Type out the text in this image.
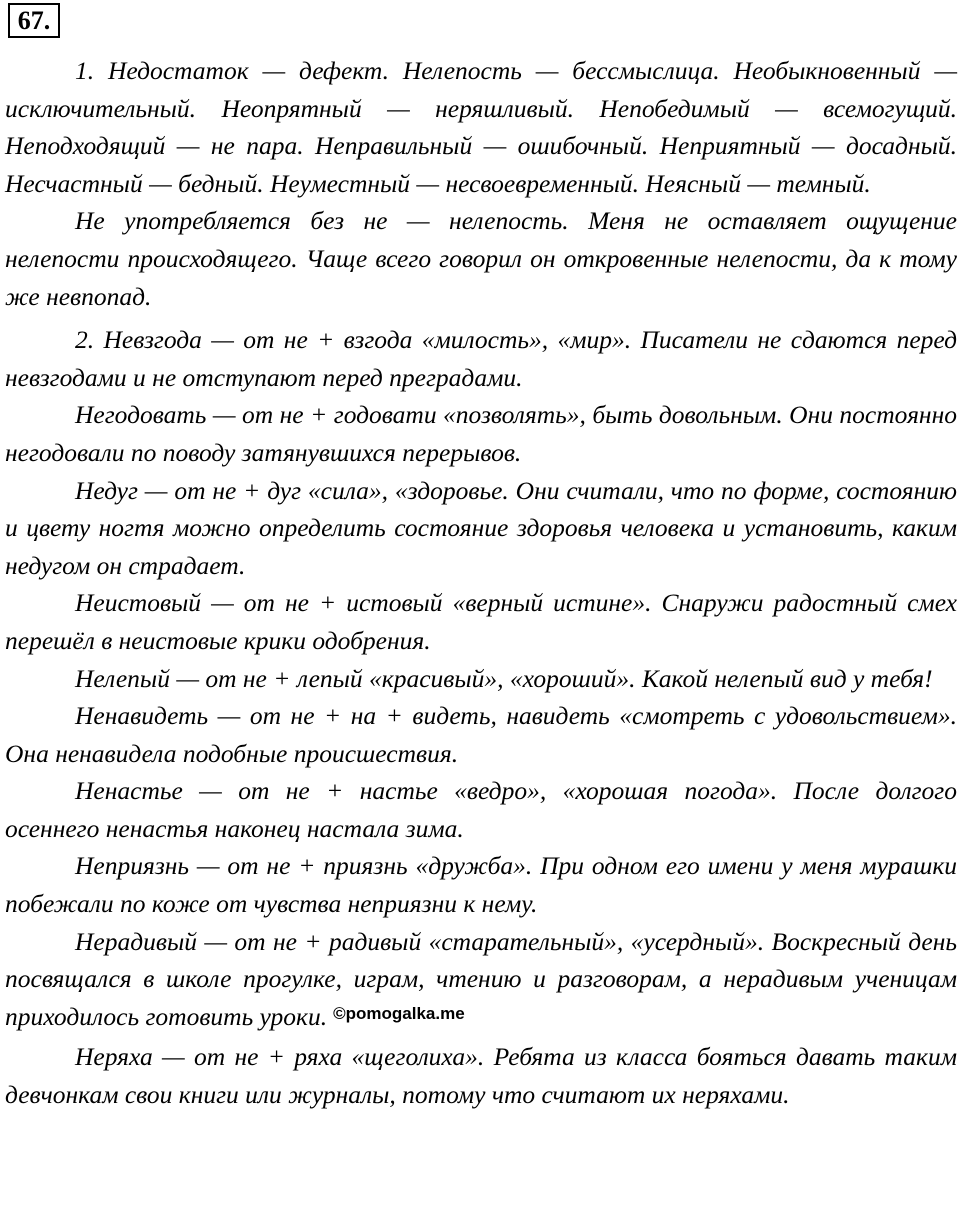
67.

1. Недостаток — дефект. Нелепость — бессмыслица. Необыкновенный — исключительный. Неопрятный — неряшливый. Непобедимый — всемогущий. Неподходящий — не пара. Неправильный — ошибочный. Неприятный — досадный. Несчастный — бедный. Неуместный — несвоевременный. Неясный — темный.

Не употребляется без не — нелепость. Меня не оставляет ощущение нелепости происходящего. Чаще всего говорил он откровенные нелепости, да к тому же невпопад.

2. Невзгода — от не + взгода «милость», «мир». Писатели не сдаются перед невзгодами и не отступают перед преградами.

Негодовать — от не + годовати «позволять», быть довольным. Они постоянно негодовали по поводу затянувшихся перерывов.

Недуг — от не + дуг «сила», «здоровье. Они считали, что по форме, состоянию и цвету ногтя можно определить состояние здоровья человека и установить, каким недугом он страдает.

Неистовый — от не + истовый «верный истине». Снаружи радостный смех перешёл в неистовые крики одобрения.

Нелепый — от не + лепый «красивый», «хороший». Какой нелепый вид у тебя!

Ненавидеть — от не + на + видеть, навидеть «смотреть с удовольствием». Она ненавидела подобные происшествия.

Ненастье — от не + настье «ведро», «хорошая погода». После долгого осеннего ненастья наконец настала зима.

Неприязнь — от не + приязнь «дружба». При одном его имени у меня мурашки побежали по коже от чувства неприязни к нему.

Нерадивый — от не + радивый «старательный», «усердный». Воскресный день посвящался в школе прогулке, играм, чтению и разговорам, а нерадивым ученицам приходилось готовить уроки. $^{©pomogalka.me}$

Неряха — от не + ряха «щеголиха». Ребята из класса бояться давать таким девчонкам свои книги или журналы, потому что считают их неряхами.
